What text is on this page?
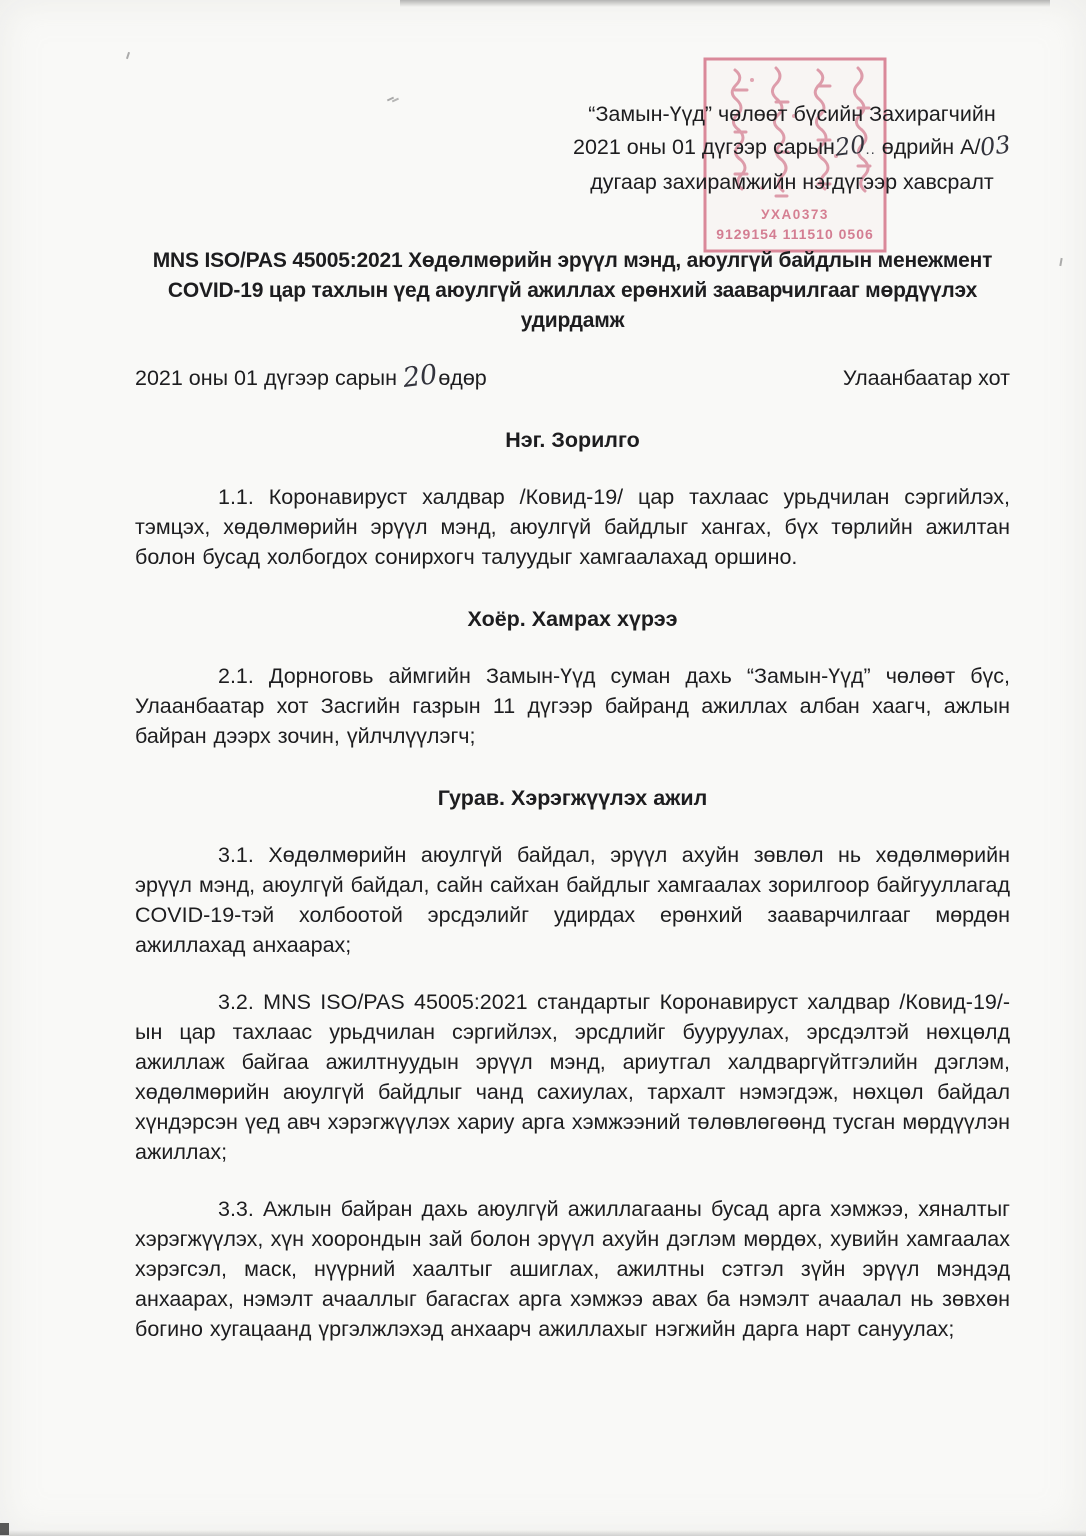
УХА0373
9129154 111510 0506
“Замын-Үүд” чөлөөт бүсийн Захирагчийн
2021 оны 01 дүгээр сарын20.. өдрийн А/03
дугаар захирамжийн нэгдүгээр хавсралт
MNS ISO/PAS 45005:2021 Хөдөлмөрийн эрүүл мэнд, аюулгүй байдлын менежмент
COVID-19 цар тахлын үед аюулгүй ажиллах ерөнхий зааварчилгааг мөрдүүлэх
удирдамж
2021 оны 01 дүгээр сарын 20өдөр	Улаанбаатар хот
Нэг. Зорилго

1.1. Коронавируст халдвар /Ковид-19/ цар тахлаас урьдчилан сэргийлэх, тэмцэх, хөдөлмөрийн эрүүл мэнд, аюулгүй байдлыг хангах, бүх төрлийн ажилтан болон бусад холбогдох сонирхогч талуудыг хамгаалахад оршино.

Хоёр. Хамрах хүрээ

2.1. Дорноговь аймгийн Замын-Үүд суман дахь “Замын-Үүд” чөлөөт бүс, Улаанбаатар хот Засгийн газрын 11 дүгээр байранд ажиллах албан хаагч, ажлын байран дээрх зочин, үйлчлүүлэгч;

Гурав. Хэрэгжүүлэх ажил

3.1. Хөдөлмөрийн аюулгүй байдал, эрүүл ахуйн зөвлөл нь хөдөлмөрийн эрүүл мэнд, аюулгүй байдал, сайн сайхан байдлыг хамгаалах зорилгоор байгууллагад COVID-19-тэй холбоотой эрсдэлийг удирдах ерөнхий зааварчилгааг мөрдөн ажиллахад анхаарах;

3.2. MNS ISO/PAS 45005:2021 стандартыг Коронавируст халдвар /Ковид-19/-ын цар тахлаас урьдчилан сэргийлэх, эрсдлийг бууруулах, эрсдэлтэй нөхцөлд ажиллаж байгаа ажилтнуудын эрүүл мэнд, ариутгал халдваргүйтгэлийн дэглэм, хөдөлмөрийн аюулгүй байдлыг чанд сахиулах, тархалт нэмэгдэж, нөхцөл байдал хүндэрсэн үед авч хэрэгжүүлэх хариу арга хэмжээний төлөвлөгөөнд тусган мөрдүүлэн ажиллах;

3.3. Ажлын байран дахь аюулгүй ажиллагааны бусад арга хэмжээ, хяналтыг хэрэгжүүлэх, хүн хоорондын зай болон эрүүл ахуйн дэглэм мөрдөх, хувийн хамгаалах хэрэгсэл, маск, нүүрний хаалтыг ашиглах, ажилтны сэтгэл зүйн эрүүл мэндэд анхаарах, нэмэлт ачааллыг багасгах арга хэмжээ авах ба нэмэлт ачаалал нь зөвхөн богино хугацаанд үргэлжлэхэд анхаарч ажиллахыг нэгжийн дарга нарт сануулах;
